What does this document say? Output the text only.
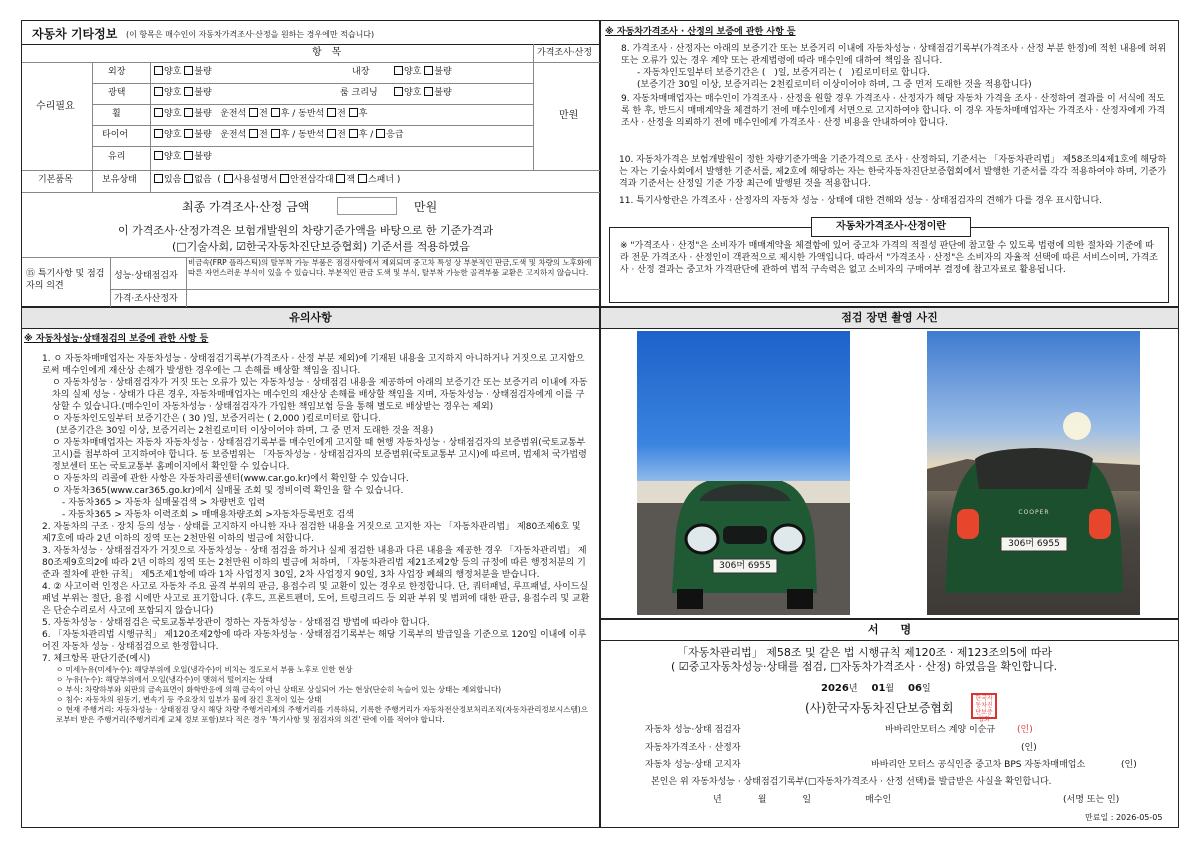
자동차 기타정보 (이 항목은 매수인이 자동차가격조사·산정을 원하는 경우에만 적습니다)
항　목	가격조사·산정
수리필요
외장	양호 불량	내장	양호 불량
광택	양호 불량	룸 크리닝	양호 불량
휠	양호 불량   운전석 전 후 / 동반석 전 후
타이어	양호 불량   운전석 전 후 / 동반석 전 후 / 응급
유리	양호 불량
만원
기본품목	보유상태	있음 없음  ( 사용설명서 안전삼각대 잭 스패너 )
최종 가격조사·산정 금액	만원
이 가격조사·산정가격은 보험개발원의 차량기준가액을 바탕으로 한 기준가격과
(□기술사회, ☑한국자동차진단보증협회) 기준서를 적용하였음
⑮ 특기사항 및 점검자의 의견
성능·상태점검자
비금속(FRP 플라스틱)의 탈부착 가능 부품은 점검사항에서 제외되며 중고차 특성 상 부분적인 판금,도색 및 차량의 노후화에 따른 자연스러운 부식이 있을 수 있습니다. 부분적인 판금 도색 및 부식, 탈부착 가능한 골격부품 교환은 고지하지 않습니다.
가격·조사산정자
※ 자동차가격조사 · 산정의 보증에 관한 사항 등
8. 가격조사 · 산정자는 아래의 보증기간 또는 보증거리 이내에 자동차성능 · 상태점검기록부(가격조사 · 산정 부분 한정)에 적힌 내용에 허위 또는 오류가 있는 경우 계약 또는 관계법령에 따라 매수인에 대하여 책임을 집니다.
- 자동차인도일부터 보증기간은 (　)일, 보증거리는 (　)킬로미터로 합니다.
(보증기간 30일 이상, 보증거리는 2천킬로미터 이상이어야 하며, 그 중 먼저 도래한 것을 적용합니다)
9. 자동차매매업자는 매수인이 가격조사 · 산정을 원할 경우 가격조사 · 산정자가 해당 자동차 가격을 조사 · 산정하여 결과를 이 서식에 적도록 한 후, 반드시 매매계약을 체결하기 전에 매수인에게 서면으로 고지하여야 합니다. 이 경우 자동차매매업자는 가격조사 · 산정자에게 가격조사 · 산정을 의뢰하기 전에 매수인에게 가격조사 · 산정 비용을 안내하여야 합니다.
10. 자동차가격은 보험개발원이 정한 차량기준가액을 기준가격으로 조사 · 산정하되, 기준서는 「자동차관리법」 제58조의4제1호에 해당하는 자는 기술사회에서 발행한 기준서를, 제2호에 해당하는 자는 한국자동차진단보증협회에서 발행한 기준서를 각각 적용하여야 하며, 기준가격과 기준서는 산정일 기준 가장 최근에 발행된 것을 적용합니다.
11. 특기사항란은 가격조사 · 산정자의 자동차 성능 · 상태에 대한 견해와 성능 · 상태점검자의 견해가 다를 경우 표시합니다.
자동차가격조사·산정이란
※ "가격조사 · 산정"은 소비자가 매매계약을 체결함에 있어 중고차 가격의 적절성 판단에 참고할 수 있도록 법령에 의한 절차와 기준에 따라 전문 가격조사 · 산정인이 객관적으로 제시한 가액입니다. 따라서 "가격조사 · 산정"은 소비자의 자율적 선택에 따른 서비스이며, 가격조사 · 산정 결과는 중고차 가격판단에 관하여 법적 구속력은 없고 소비자의 구매여부 결정에 참고자료로 활용됩니다.
유의사항
※ 자동차성능·상태점검의 보증에 관한 사항 등
1. ㅇ 자동차매매업자는 자동차성능 · 상태점검기록부(가격조사 · 산정 부분 제외)에 기재된 내용을 고지하지 아니하거나 거짓으로 고지함으로써 매수인에게 재산상 손해가 발생한 경우에는 그 손해를 배상할 책임을 집니다.
ㅇ 자동차성능 · 상태점검자가 거짓 또는 오류가 있는 자동차성능 · 상태점검 내용을 제공하여 아래의 보증기간 또는 보증거리 이내에 자동차의 실제 성능 · 상태가 다른 경우, 자동차매매업자는 매수인의 재산상 손해를 배상할 책임을 지며, 자동차성능 · 상태점검자에게 이를 구상할 수 있습니다.(매수인이 자동차성능 · 상태점검자가 가입한 책임보험 등을 통해 별도로 배상받는 경우는 제외)
ㅇ 자동차인도일부터 보증기간은 ( 30 )일, 보증거리는 ( 2,000 )킬로미터로 합니다.
(보증기간은 30일 이상, 보증거리는 2천킬로미터 이상이어야 하며, 그 중 먼저 도래한 것을 적용)
ㅇ 자동차매매업자는 자동차 자동차성능 · 상태점검기록부를 매수인에게 고지할 때 현행 자동차성능 · 상태점검자의 보증범위(국토교통부 고시)를 첨부하여 고지하여야 합니다. 동 보증범위는 「자동차성능 · 상태점검자의 보증범위(국토교통부 고시)에 따르며, 법제처 국가법령정보센터 또는 국토교통부 홈페이지에서 확인할 수 있습니다.
ㅇ 자동차의 리콜에 관한 사항은 자동차리콜센터(www.car.go.kr)에서 확인할 수 있습니다.
ㅇ 자동차365(www.car365.go.kr)에서 실매물 조회 및 정비이력 확인을 할 수 있습니다.
- 자동차365 > 자동차 실매물검색 > 차량번호 입력
- 자동차365 > 자동차 이력조회 > 매매용차량조회 >자동차등록번호 검색
2. 자동차의 구조 · 장치 등의 성능 · 상태를 고지하지 아니한 자나 점검한 내용을 거짓으로 고지한 자는 「자동차관리법」 제80조제6호 및 제7호에 따라 2년 이하의 징역 또는 2천만원 이하의 벌금에 처합니다.
3. 자동차성능 · 상태점검자가 거짓으로 자동차성능 · 상태 점검을 하거나 실제 점검한 내용과 다른 내용을 제공한 경우 「자동차관리법」 제80조제9호의2에 따라 2년 이하의 징역 또는 2천만원 이하의 벌금에 처하며, 「자동차관리법 제21조제2항 등의 규정에 따른 행정처분의 기준과 절차에 관한 규칙」 제5조제1항에 따라 1차 사업정지 30일, 2차 사업정지 90일, 3차 사업장 폐쇄의 행정처분을 받습니다.
4. ② 사고이력 인정은 사고로 자동차 주요 골격 부위의 판금, 용접수리 및 교환이 있는 경우로 한정합니다. 단, 쿼터패널, 루프패널, 사이드실패널 부위는 절단, 용접 시에만 사고로 표기합니다. (후드, 프론트펜더, 도어, 트렁크리드 등 외판 부위 및 범퍼에 대한 판금, 용접수리 및 교환은 단순수리로서 사고에 포함되지 않습니다)
5. 자동차성능 · 상태점검은 국토교통부장관이 정하는 자동차성능 · 상태점검 방법에 따라야 합니다.
6. 「자동차관리법 시행규칙」 제120조제2항에 따라 자동차성능 · 상태점검기록부는 해당 기록부의 발급일을 기준으로 120일 이내에 이루어진 자동차 성능 · 상태점검으로 한정합니다.
7. 체크항목 판단기준(예시)
ㅇ 미세누유(미세누수): 해당부위에 오일(냉각수)이 비치는 정도로서 부품 노후로 인한 현상
ㅇ 누유(누수): 해당부위에서 오일(냉각수)이 맺혀서 떨어지는 상태
ㅇ 부식: 차량하부와 외판의 금속표면이 화학반응에 의해 금속이 아닌 상태로 상실되어 가는 현상(단순히 녹슬어 있는 상태는 제외합니다)
ㅇ 침수: 자동차의 원동기, 변속기 등 주요장치 일부가 물에 잠긴 흔적이 있는 상태
ㅇ 현재 주행거리: 자동차성능 · 상태점검 당시 해당 차량 주행거리계의 주행거리를 기록하되, 기록한 주행거리가 자동차전산정보처리조직(자동차관리정보시스템)으로부터 받은 주행거리(주행거리계 교체 정보 포함)보다 적은 경우 '특기사항 및 점검자의 의견' 란에 이를 적어야 합니다.
점검 장면 촬영 사진
306머 6955
COOPER
306머 6955
서　　명
「자동차관리법」 제58조 및 같은 법 시행규칙 제120조 · 제123조의5에 따라
( ☑중고자동차성능·상태를 점검, □자동차가격조사 · 산정) 하였음을 확인합니다.
2026년 01월 06일
(사)한국자동차진단보증협회
한국자동차진단보증협회
자동차 성능·상태 점검자	바바리안모터스 계양 이순규 (인)
자동차가격조사 · 산정자	(인)
자동차 성능·상태 고지자	바바리안 모터스 공식인증 중고차 BPS 자동차매매업소	(인)
본인은 위 자동차성능 · 상태점검기록부(□자동차가격조사 · 산정 선택)를 발급받은 사실을 확인합니다.
년　　　　월　　　　일　　　　　　매수인	(서명 또는 인)
만료일 : 2026-05-05
